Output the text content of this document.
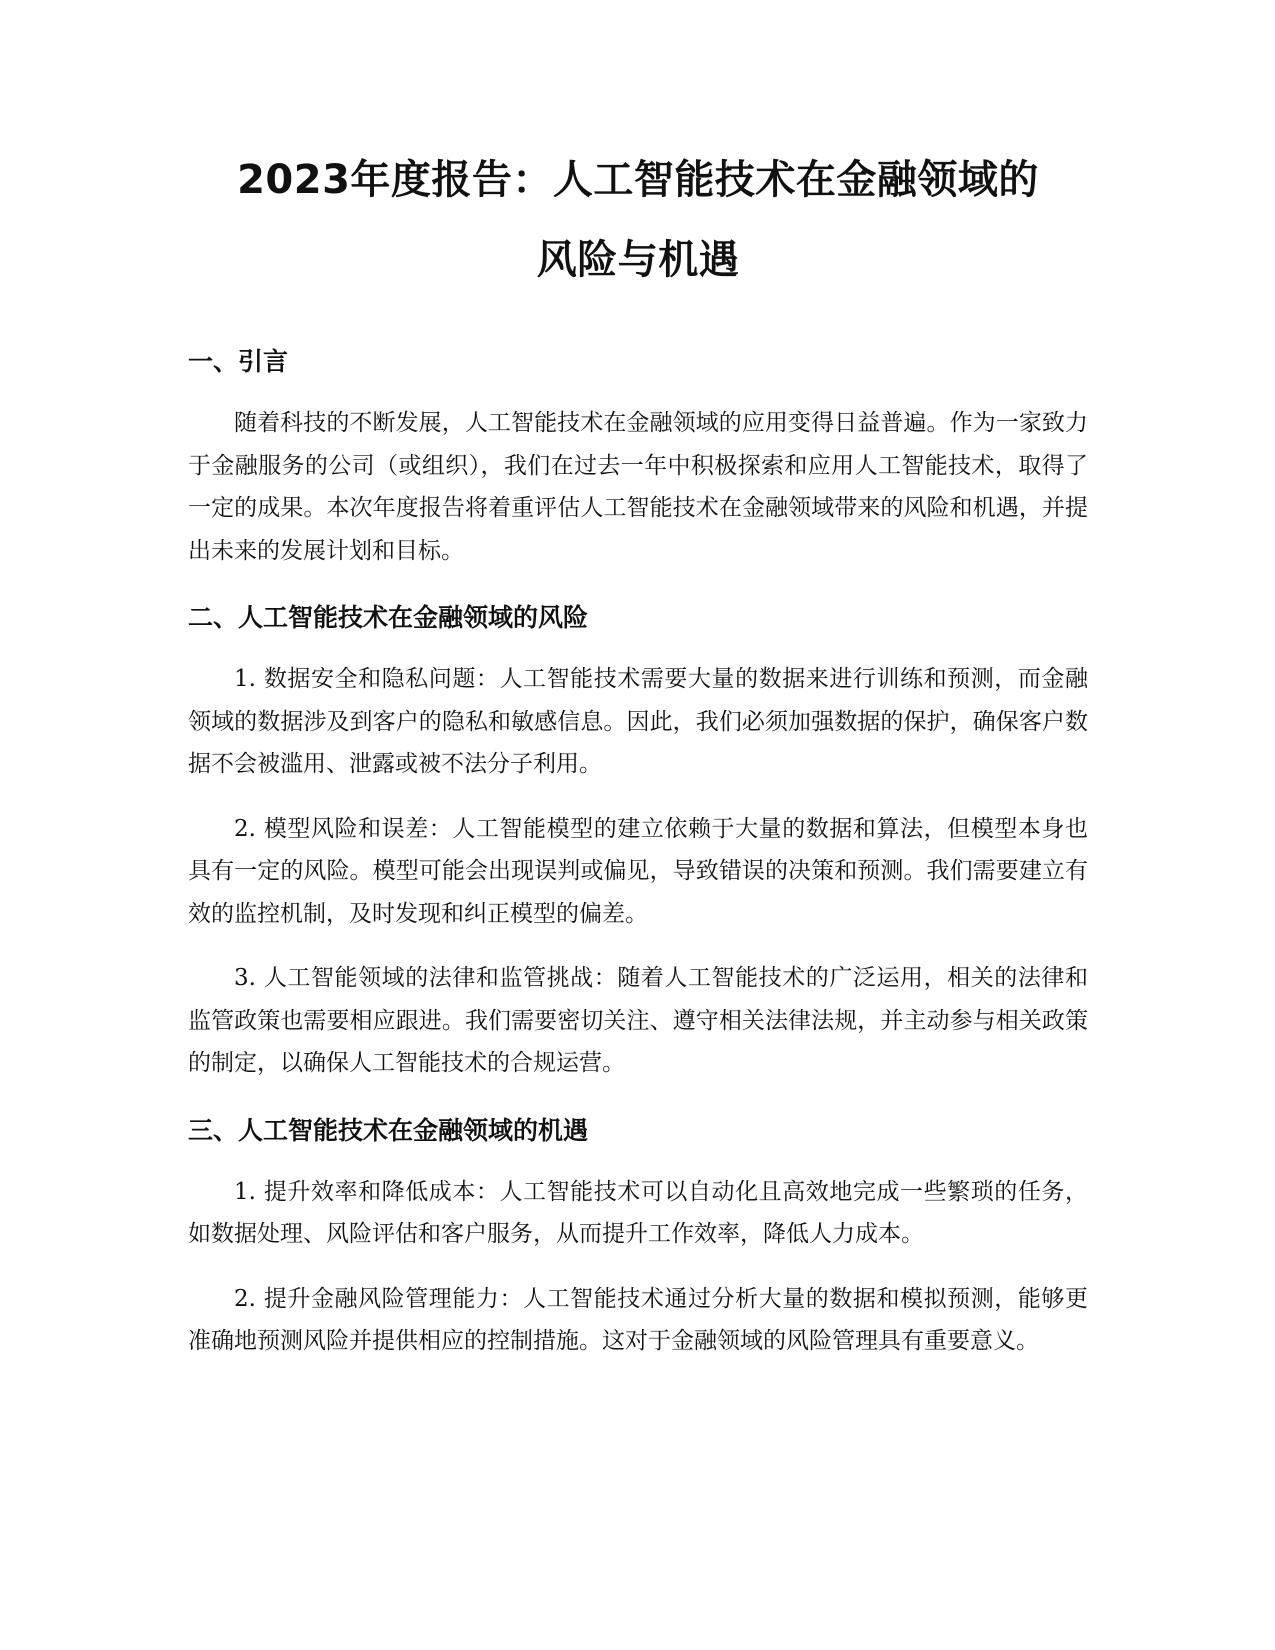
2023年度报告：人工智能技术在金融领域的
风险与机遇
一、引言

随着科技的不断发展，人工智能技术在金融领域的应用变得日益普遍。作为一家致力于金融服务的公司（或组织），我们在过去一年中积极探索和应用人工智能技术，取得了一定的成果。本次年度报告将着重评估人工智能技术在金融领域带来的风险和机遇，并提出未来的发展计划和目标。

二、人工智能技术在金融领域的风险

1. 数据安全和隐私问题：人工智能技术需要大量的数据来进行训练和预测，而金融领域的数据涉及到客户的隐私和敏感信息。因此，我们必须加强数据的保护，确保客户数据不会被滥用、泄露或被不法分子利用。

2. 模型风险和误差：人工智能模型的建立依赖于大量的数据和算法，但模型本身也具有一定的风险。模型可能会出现误判或偏见，导致错误的决策和预测。我们需要建立有效的监控机制，及时发现和纠正模型的偏差。

3. 人工智能领域的法律和监管挑战：随着人工智能技术的广泛运用，相关的法律和监管政策也需要相应跟进。我们需要密切关注、遵守相关法律法规，并主动参与相关政策的制定，以确保人工智能技术的合规运营。

三、人工智能技术在金融领域的机遇

1. 提升效率和降低成本：人工智能技术可以自动化且高效地完成一些繁琐的任务，如数据处理、风险评估和客户服务，从而提升工作效率，降低人力成本。

2. 提升金融风险管理能力：人工智能技术通过分析大量的数据和模拟预测，能够更准确地预测风险并提供相应的控制措施。这对于金融领域的风险管理具有重要意义。
